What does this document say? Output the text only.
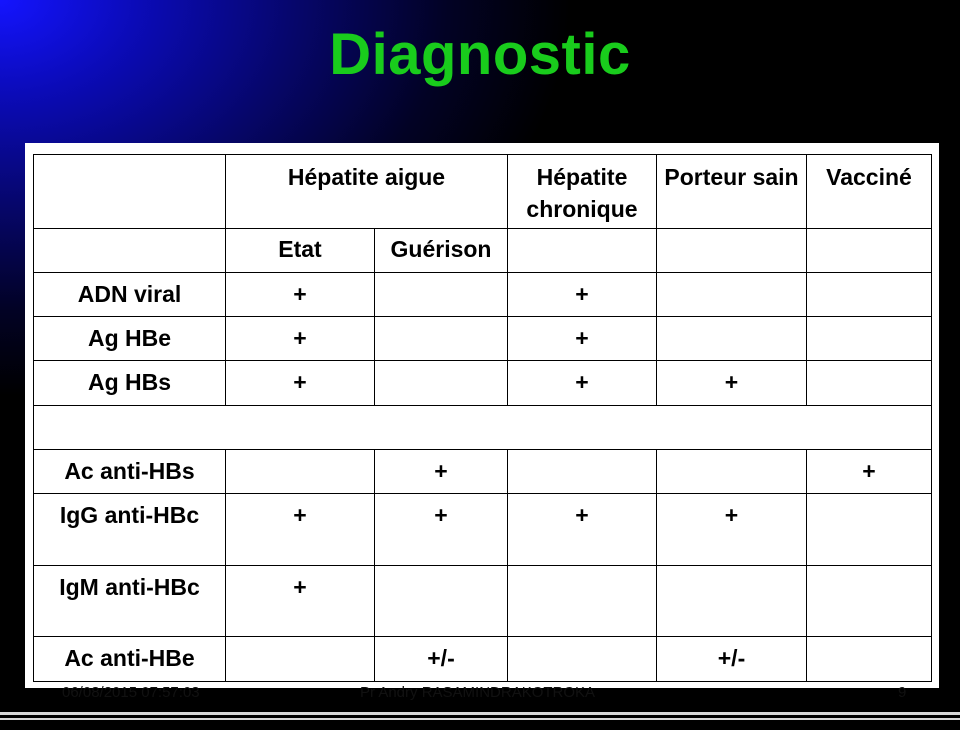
Diagnostic
	Hépatite aigue		Hépatite chronique	Porteur sain	Vacciné
	Etat	Guérison			
ADN viral	+		+		
Ag HBe	+		+		
Ag HBs	+		+	+	

Ac anti-HBs		+			+
IgG anti-HBc	+	+	+	+	
IgM anti-HBc	+				
Ac anti-HBe		+/-		+/-	
06/08/2015 07:57:03	Pr Andry RASAMINDRAKOTROKA	9
